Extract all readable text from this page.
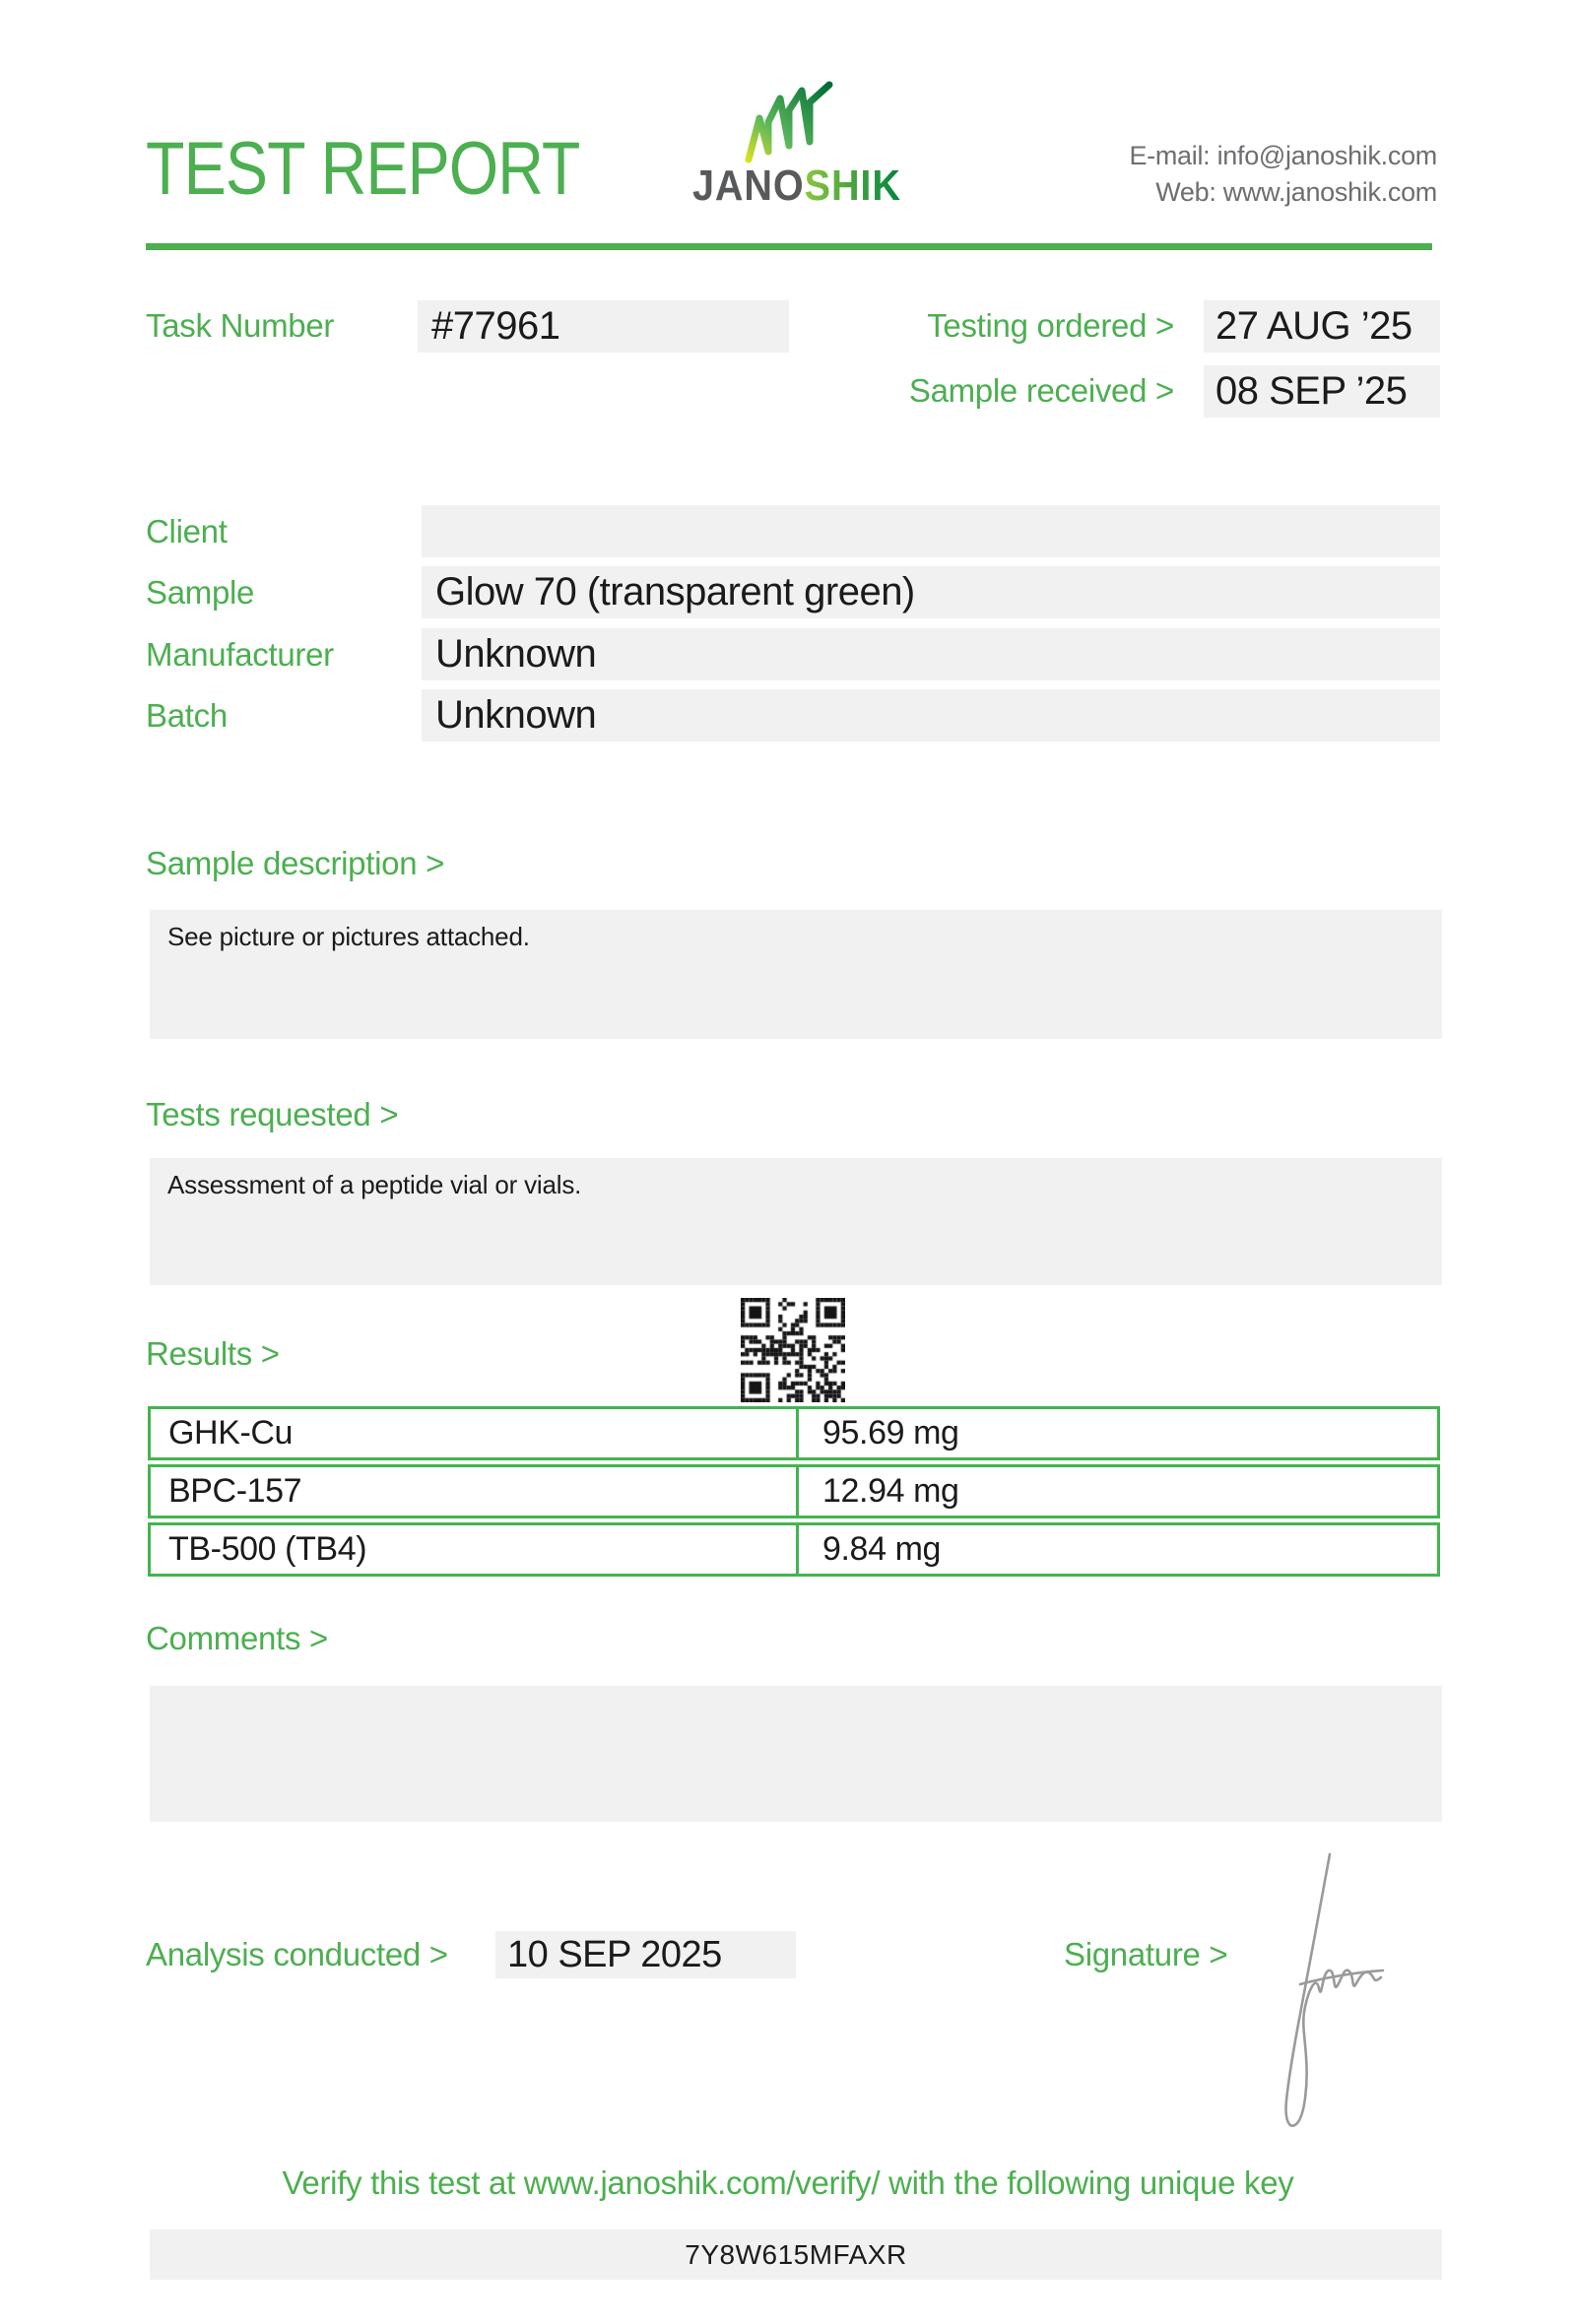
TEST REPORT	JANOSHIK
E-mail: info@janoshik.com
Web: www.janoshik.com
Task Number	#77961	Testing ordered >	27 AUG ’25
Sample received >	08 SEP ’25
Client
Sample	Glow 70 (transparent green)
Manufacturer	Unknown
Batch	Unknown
Sample description >
See picture or pictures attached.
Tests requested >
Assessment of a peptide vial or vials.
Results >
GHK-Cu	95.69 mg
BPC-157	12.94 mg
TB-500 (TB4)	9.84 mg
Comments >
Analysis conducted >	10 SEP 2025	Signature >
Verify this test at www.janoshik.com/verify/ with the following unique key
7Y8W615MFAXR
